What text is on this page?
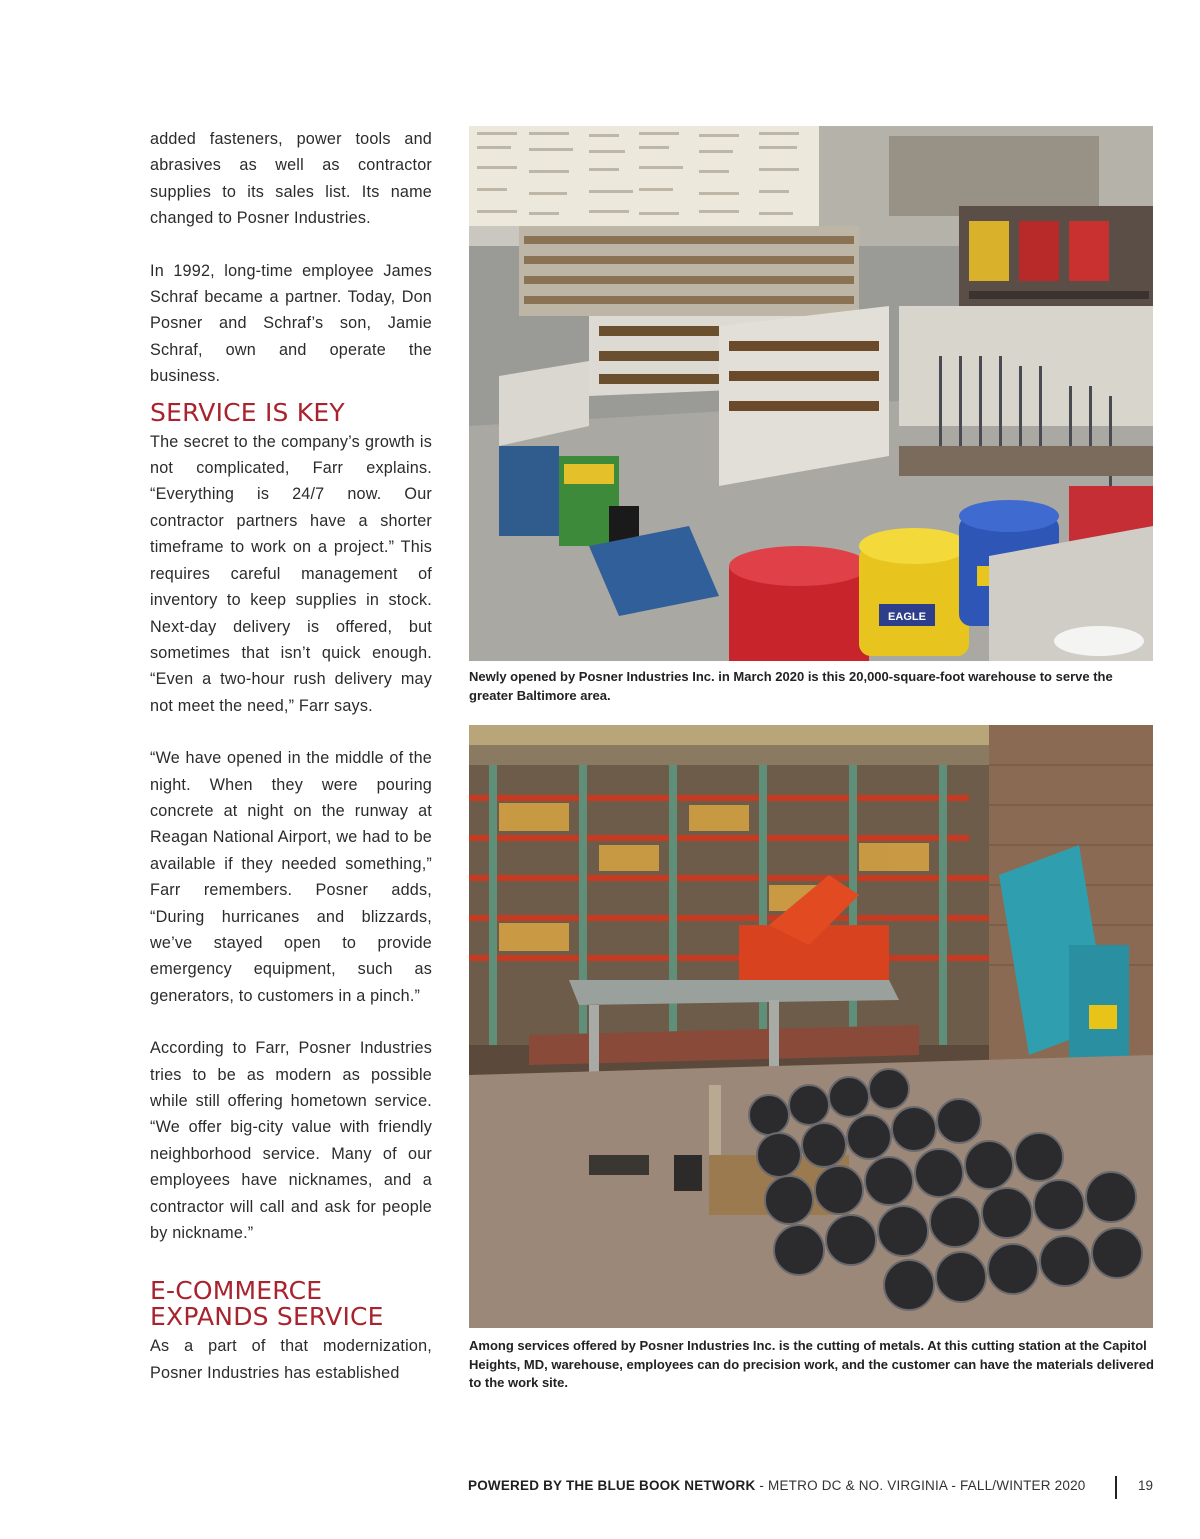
added fasteners, power tools and abrasives as well as contractor supplies to its sales list. Its name changed to Posner Industries.

In 1992, long-time employee James Schraf became a partner. Today, Don Posner and Schraf’s son, Jamie Schraf, own and operate the business.

SERVICE IS KEY

The secret to the company’s growth is not complicated, Farr explains. “Everything is 24/7 now. Our contractor partners have a shorter timeframe to work on a project.” This requires careful management of inventory to keep supplies in stock. Next-day delivery is offered, but sometimes that isn’t quick enough. “Even a two-hour rush delivery may not meet the need,” Farr says.

“We have opened in the middle of the night. When they were pouring concrete at night on the runway at Reagan National Airport, we had to be available if they needed something,” Farr remembers. Posner adds, “During hurricanes and blizzards, we’ve stayed open to provide emergency equipment, such as generators, to customers in a pinch.”

According to Farr, Posner Industries tries to be as modern as possible while still offering hometown service. “We offer big-city value with friendly neighborhood service. Many of our employees have nicknames, and a contractor will call and ask for people by nickname.”

E-COMMERCE
EXPANDS SERVICE

As a part of that modernization, Posner Industries has established

EAGLE
Newly opened by Posner Industries Inc. in March 2020 is this 20,000-square-foot warehouse to serve the greater Baltimore area.
Among services offered by Posner Industries Inc. is the cutting of metals. At this cutting station at the Capitol Heights, MD, warehouse, employees can do precision work, and the customer can have the materials delivered to the work site.
POWERED BY THE BLUE BOOK NETWORK - METRO DC & NO. VIRGINIA - FALL/WINTER 2020	19
